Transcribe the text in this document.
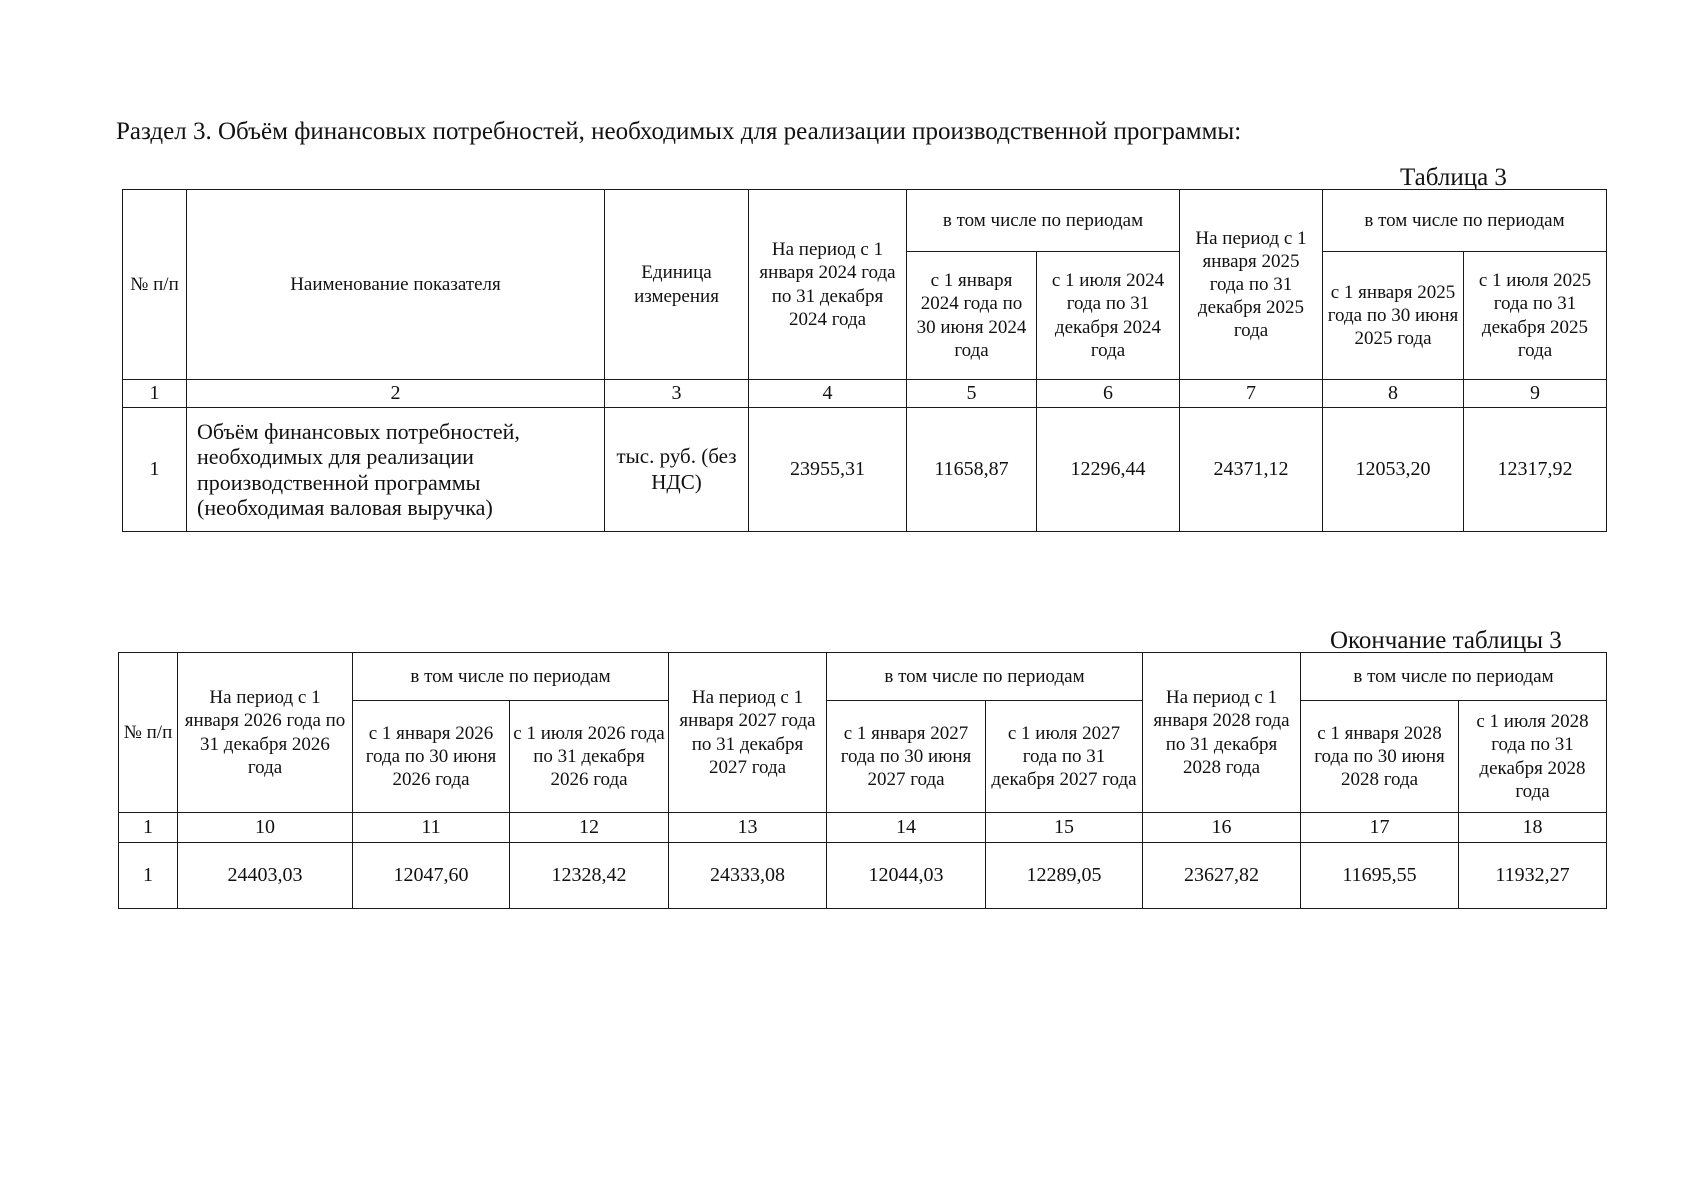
Раздел 3. Объём финансовых потребностей, необходимых для реализации производственной программы:
Таблица 3
№ п/п	Наименование показателя	Единица измерения	На период с 1 января 2024 года по 31 декабря 2024 года	в том числе по периодам		На период с 1 января 2025 года по 31 декабря 2025 года	в том числе по периодам	
				с 1 января 2024 года по 30 июня 2024 года	с 1 июля 2024 года по 31 декабря 2024 года		с 1 января 2025 года по 30 июня 2025 года	с 1 июля 2025 года по 31 декабря 2025 года
1	2	3	4	5	6	7	8	9
1	Объём финансовых потребностей, необходимых для реализации производственной программы (необходимая валовая выручка)	тыс. руб. (без НДС)	23955,31	11658,87	12296,44	24371,12	12053,20	12317,92
Окончание таблицы 3
№ п/п	На период с 1 января 2026 года по 31 декабря 2026 года	в том числе по периодам		На период с 1 января 2027 года по 31 декабря 2027 года	в том числе по периодам		На период с 1 января 2028 года по 31 декабря 2028 года	в том числе по периодам	
		с 1 января 2026 года по 30 июня 2026 года	с 1 июля 2026 года по 31 декабря 2026 года		с 1 января 2027 года по 30 июня 2027 года	с 1 июля 2027 года по 31 декабря 2027 года		с 1 января 2028 года по 30 июня 2028 года	с 1 июля 2028 года по 31 декабря 2028 года
1	10	11	12	13	14	15	16	17	18
1	24403,03	12047,60	12328,42	24333,08	12044,03	12289,05	23627,82	11695,55	11932,27
